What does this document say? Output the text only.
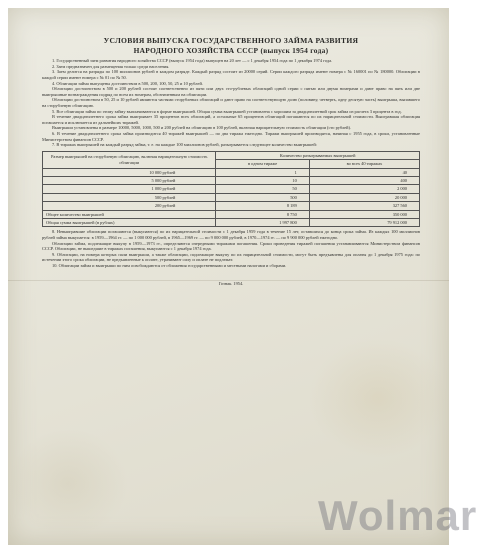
УСЛОВИЯ ВЫПУСКА ГОСУДАРСТВЕННОГО ЗАЙМА РАЗВИТИЯ
НАРОДНОГО ХОЗЯЙСТВА СССР (выпуск 1954 года)

1. Государственный заем развития народного хозяйства СССР (выпуск 1954 года) выпущен на 20 лет — с 1 декабря 1954 года по 1 декабря 1974 года.

2. Заем предназначен для размещения только среди населения.

3. Заем делится на разряды по 100 миллионов рублей в каждом разряде. Каждый разряд состоит из 20000 серий. Серии каждого разряда имеют номера с № 160001 по № 180000. Облигации в каждой серии имеют номера с № 01 по № 50.

4. Облигации займа выпущены достоинством в 500, 200, 100, 50, 25 и 10 рублей.

Облигации достоинством в 500 и 200 рублей состоят соответственно из пяти или двух стo-рублевых облигаций одной серии с пятью или двумя номерами и дают право на пять или две выигрышные вознаграждения подряд по всем их номерам, обозначенным на облигации.

Облигации достоинством в 50, 25 и 10 рублей являются частями сторублевых облигаций и дают право на соответствующую долю (половину, четверть, одну десятую часть) выигрыша, выпавшего на сторублевую облигацию.

5. Все облигации займа по этому займу выплачиваются в форме выигрышей. Общая сумма выигрышей установлена с хорошим за двадцатилетний срок займа из расчета 3 процента в год.

В течение двадцатилетнего срока займа выигрывает 35 процентов всех облигаций, а остальные 65 процентов облигаций погашаются по их нарицательной стоимости. Выигравшая облигация погашается и исключается из дальнейших тиражей.

Выигрыши установлены в размере 10000, 5000, 1000, 500 и 200 рублей на облигацию в 100 рублей, включая нарицательную стоимость облигации (сто рублей).

6. В течение двадцатилетнего срока займа производится 40 тиражей выигрышей — по два тиража ежегодно. Тиражи выигрышей производятся, начиная с 1955 года, в сроки, установленные Министерством финансов СССР.

7. В тиражах выигрышей на каждый разряд займа, т. е. на каждые 100 миллионов рублей, разыгрывается следующее количество выигрышей:

Размер выигрышей на сторублевую облигацию, включая нарицательную стоимость облигации	Количество разыгрываемых выигрышей	
	в одном тираже	во всех 40 тиражах
10 000 рублей	1	40
5 000 рублей	10	400
1 000 рублей	50	2 000
500 рублей	500	20 000
200 рублей	8 189	327 560
Общее количество выигрышей	8 750	350 000
Общая сумма выигрышей (в рублях)	1 997 800	79 912 000

8. Невыигравшие облигации погашаются (выкупаются) по их нарицательной стоимости с 1 декабря 1959 года в течение 15 лет, оставшихся до конца срока займа. Из каждых 100 миллионов рублей займа выкупается: в 1959—1964 гг. — по 1 000 000 рублей, в 1965—1969 гг. — по 9 000 000 рублей, в 1970—1974 гг. — по 9 900 000 рублей ежегодно.

Облигации займа, подлежащие выкупу в 1959—1973 гг., определяются очередными тиражами погашения. Сроки проведения тиражей погашения устанавливаются Министерством финансов СССР. Облигации, не вышедшие в тиражах погашения, выкупаются с 1 декабря 1974 года.

9. Облигации, на номера которых пали выигрыши, а также облигации, подлежащие выкупу по их нарицательной стоимости, могут быть предъявлены для оплаты до 1 декабря 1975 года: по истечении этого срока облигации, не предъявленные к оплате, утрачивают силу и оплате не подлежат.

10. Облигации займа и выигрыши по ним освобождаются от обложения государственными и местными налогами и сборами.

Гознак. 1954.
Wolmar
